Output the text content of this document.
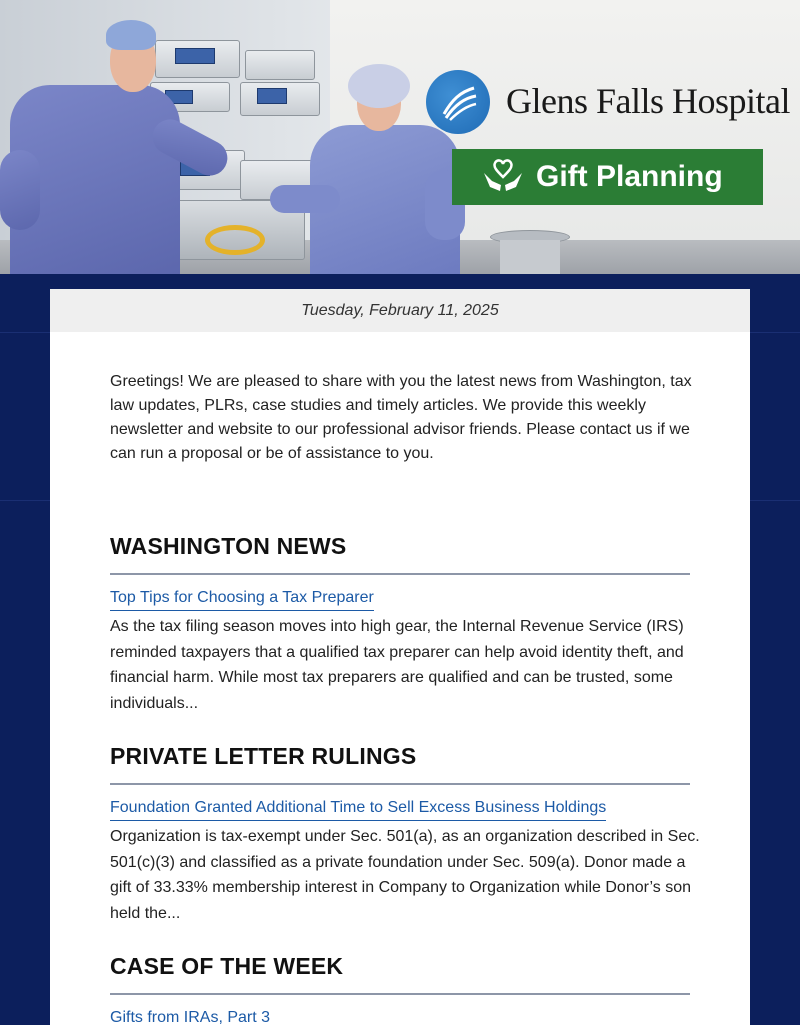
Glens Falls Hospital
Gift Planning
Tuesday, February 11, 2025
Greetings! We are pleased to share with you the latest news from Washington, tax law updates, PLRs, case studies and timely articles. We provide this weekly newsletter and website to our professional advisor friends. Please contact us if we can run a proposal or be of assistance to you.
WASHINGTON NEWS
Top Tips for Choosing a Tax Preparer
As the tax filing season moves into high gear, the Internal Revenue Service (IRS) reminded taxpayers that a qualified tax preparer can help avoid identity theft, and financial harm. While most tax preparers are qualified and can be trusted, some individuals...
PRIVATE LETTER RULINGS
Foundation Granted Additional Time to Sell Excess Business Holdings
Organization is tax-exempt under Sec. 501(a), as an organization described in Sec. 501(c)(3) and classified as a private foundation under Sec. 509(a). Donor made a gift of 33.33% membership interest in Company to Organization while Donor’s son held the...
CASE OF THE WEEK
Gifts from IRAs, Part 3
